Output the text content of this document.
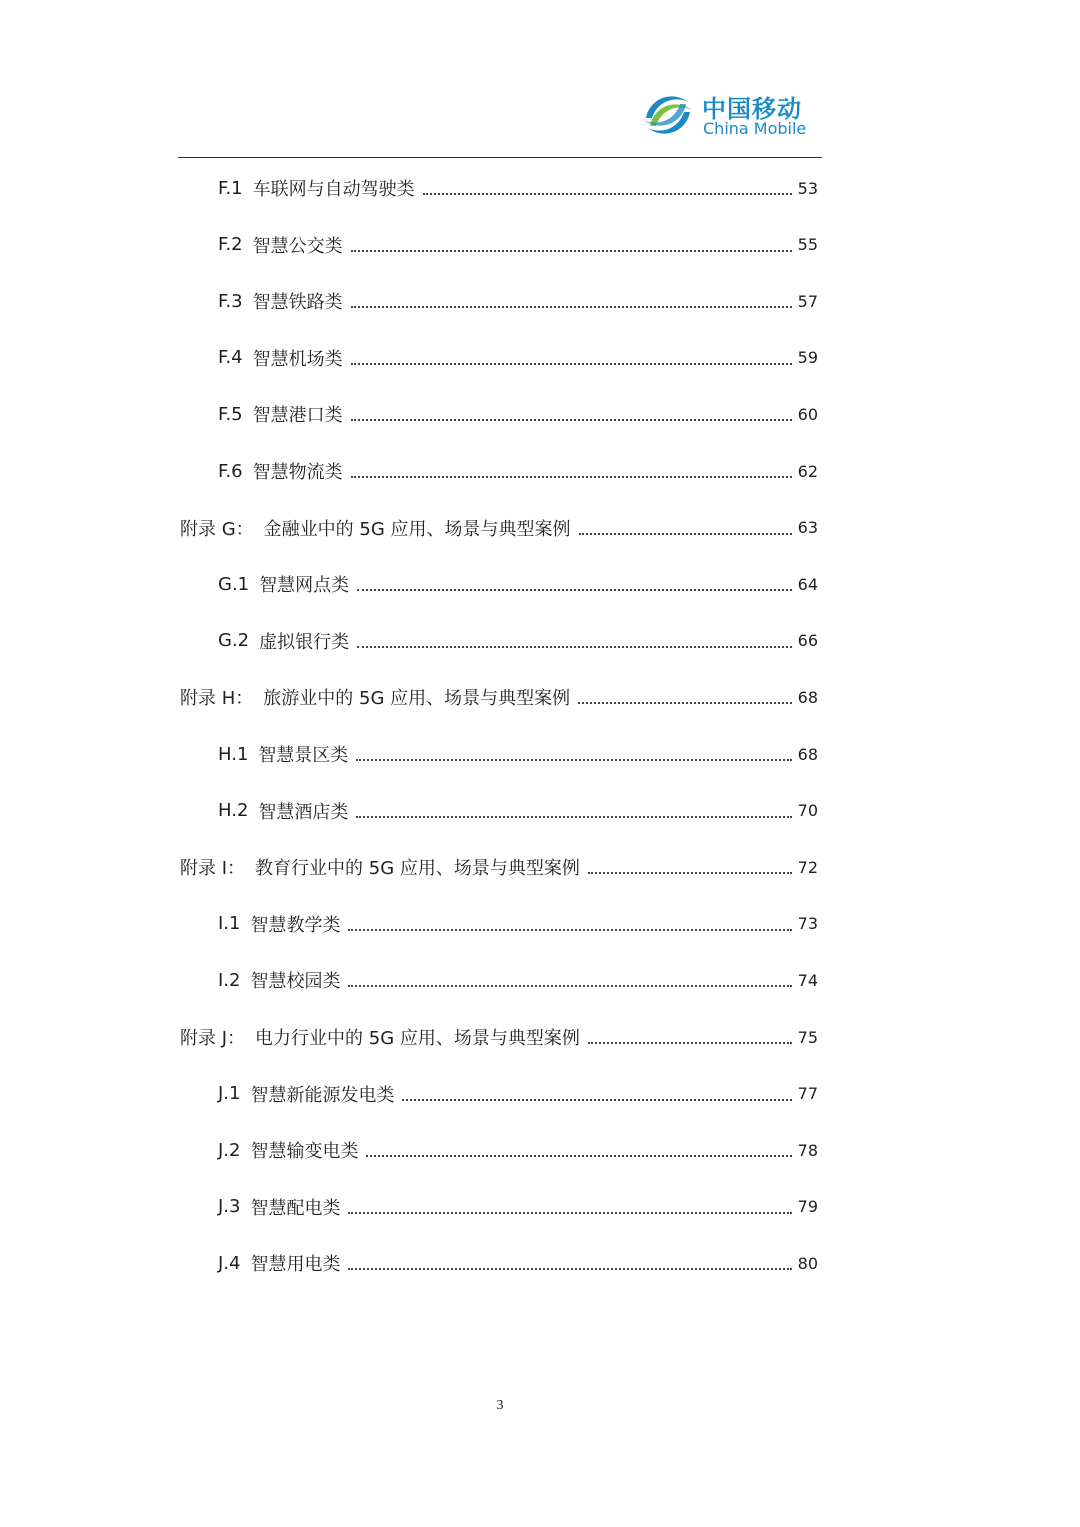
中国移动
China Mobile
F.1 车联网与自动驾驶类	53
F.2 智慧公交类	55
F.3 智慧铁路类	57
F.4 智慧机场类	59
F.5 智慧港口类	60
F.6 智慧物流类	62
附录 G： 金融业中的 5G 应用、场景与典型案例	63
G.1 智慧网点类	64
G.2 虚拟银行类	66
附录 H： 旅游业中的 5G 应用、场景与典型案例	68
H.1 智慧景区类	68
H.2 智慧酒店类	70
附录 I： 教育行业中的 5G 应用、场景与典型案例	72
I.1 智慧教学类	73
I.2 智慧校园类	74
附录 J： 电力行业中的 5G 应用、场景与典型案例	75
J.1 智慧新能源发电类	77
J.2 智慧输变电类	78
J.3 智慧配电类	79
J.4 智慧用电类	80
3
